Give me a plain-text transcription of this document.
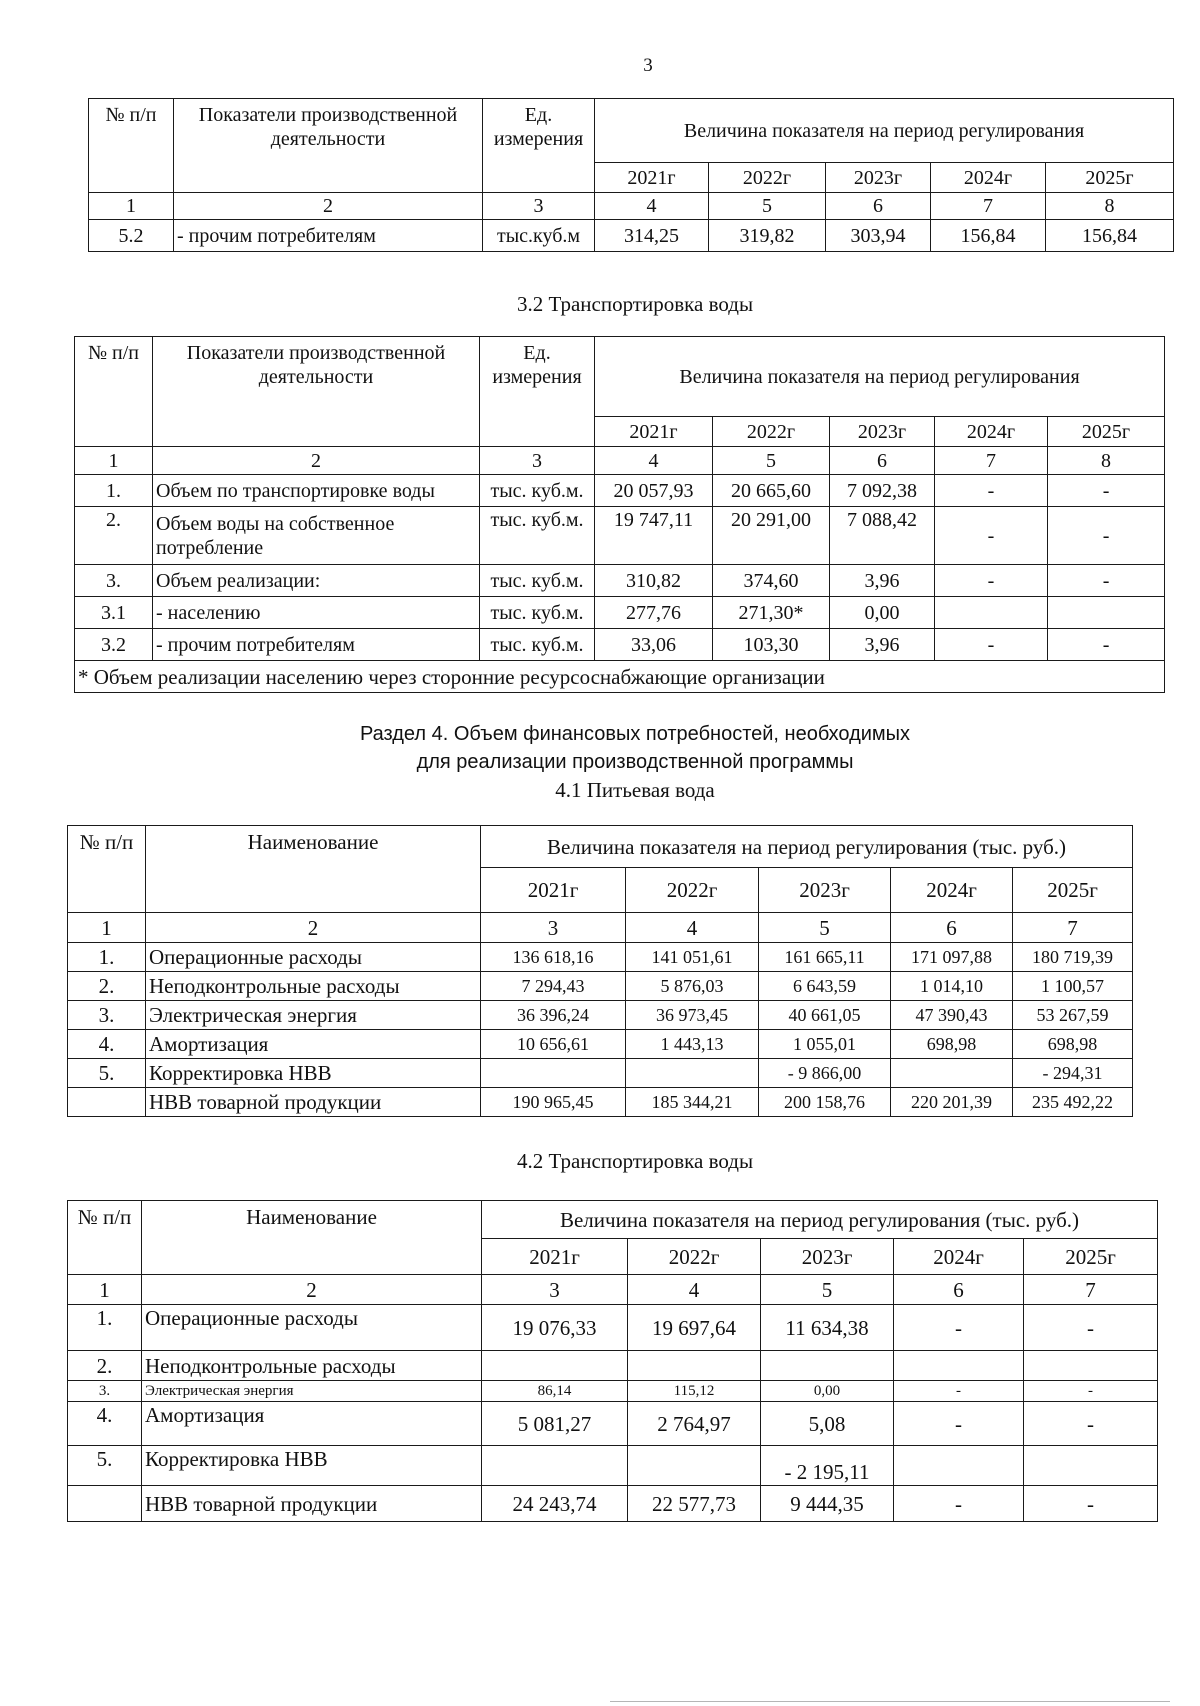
3
№ п/п	Показатели производственной деятельности	Ед. измерения	Величина показателя на период регулирования				
			2021г	2022г	2023г	2024г	2025г
1	2	3	4	5	6	7	8
5.2	- прочим потребителям	тыс.куб.м	314,25	319,82	303,94	156,84	156,84
3.2 Транспортировка воды
№ п/п	Показатели производственной деятельности	Ед. измерения	Величина показателя на период регулирования				
			2021г	2022г	2023г	2024г	2025г
1	2	3	4	5	6	7	8
1.	Объем по транспортировке воды	тыс. куб.м.	20 057,93	20 665,60	7 092,38	-	-
2.	Объем воды на собственное потребление	тыс. куб.м.	19 747,11	20 291,00	7 088,42	-	-
3.	Объем реализации:	тыс. куб.м.	310,82	374,60	3,96	-	-
3.1	- населению	тыс. куб.м.	277,76	271,30*	0,00		
3.2	- прочим потребителям	тыс. куб.м.	33,06	103,30	3,96	-	-
* Объем реализации населению через сторонние ресурсоснабжающие организации							
Раздел 4. Объем финансовых потребностей, необходимых
для реализации производственной программы
4.1 Питьевая вода
№ п/п	Наименование	Величина показателя на период регулирования (тыс. руб.)				
		2021г	2022г	2023г	2024г	2025г
1	2	3	4	5	6	7
1.	Операционные расходы	136 618,16	141 051,61	161 665,11	171 097,88	180 719,39
2.	Неподконтрольные расходы	7 294,43	5 876,03	6 643,59	1 014,10	1 100,57
3.	Электрическая энергия	36 396,24	36 973,45	40 661,05	47 390,43	53 267,59
4.	Амортизация	10 656,61	1 443,13	1 055,01	698,98	698,98
5.	Корректировка НВВ			- 9 866,00		- 294,31
	НВВ товарной продукции	190 965,45	185 344,21	200 158,76	220 201,39	235 492,22
4.2 Транспортировка воды
№ п/п	Наименование	Величина показателя на период регулирования (тыс. руб.)				
		2021г	2022г	2023г	2024г	2025г
1	2	3	4	5	6	7
1.	Операционные расходы	19 076,33	19 697,64	11 634,38	-	-
2.	Неподконтрольные расходы					
3.	Электрическая энергия	86,14	115,12	0,00	-	-
4.	Амортизация	5 081,27	2 764,97	5,08	-	-
5.	Корректировка НВВ			- 2 195,11		
	НВВ товарной продукции	24 243,74	22 577,73	9 444,35	-	-
